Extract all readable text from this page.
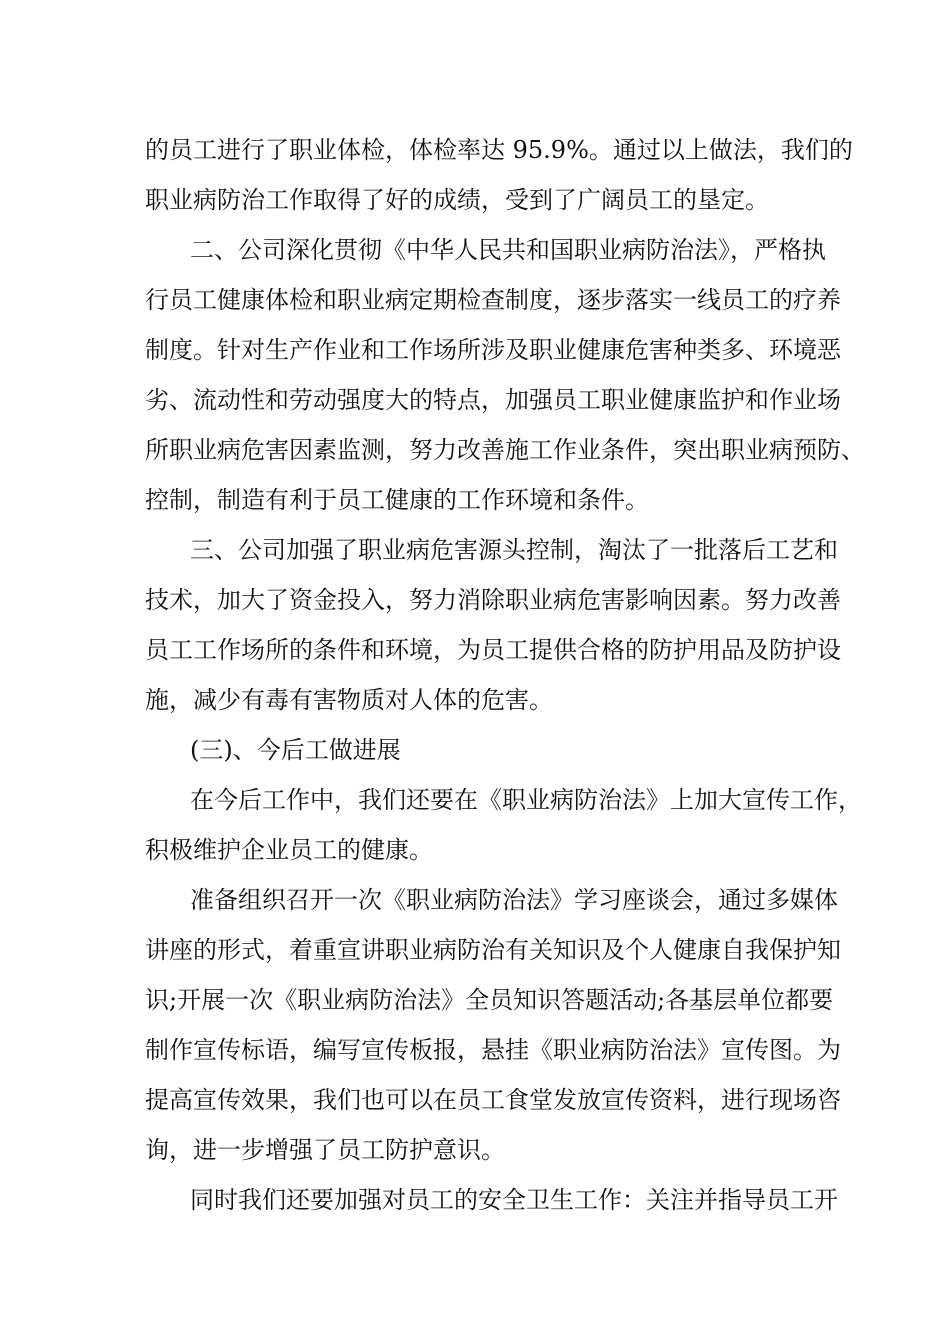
的员工进行了职业体检，体检率达 95.9%。通过以上做法，我们的

职业病防治工作取得了好的成绩，受到了广阔员工的垦定。

二、公司深化贯彻《中华人民共和国职业病防治法》，严格执

行员工健康体检和职业病定期检查制度，逐步落实一线员工的疗养

制度。针对生产作业和工作场所涉及职业健康危害种类多、环境恶

劣、流动性和劳动强度大的特点，加强员工职业健康监护和作业场

所职业病危害因素监测，努力改善施工作业条件，突出职业病预防、

控制，制造有利于员工健康的工作环境和条件。

三、公司加强了职业病危害源头控制，淘汰了一批落后工艺和

技术，加大了资金投入，努力消除职业病危害影响因素。努力改善

员工工作场所的条件和环境，为员工提供合格的防护用品及防护设

施，减少有毒有害物质对人体的危害。

(三)、今后工做进展

在今后工作中，我们还要在《职业病防治法》上加大宣传工作，

积极维护企业员工的健康。

准备组织召开一次《职业病防治法》学习座谈会，通过多媒体

讲座的形式，着重宣讲职业病防治有关知识及个人健康自我保护知

识;开展一次《职业病防治法》全员知识答题活动;各基层单位都要

制作宣传标语，编写宣传板报，悬挂《职业病防治法》宣传图。为

提高宣传效果，我们也可以在员工食堂发放宣传资料，进行现场咨

询，进一步增强了员工防护意识。

同时我们还要加强对员工的安全卫生工作：关注并指导员工开
